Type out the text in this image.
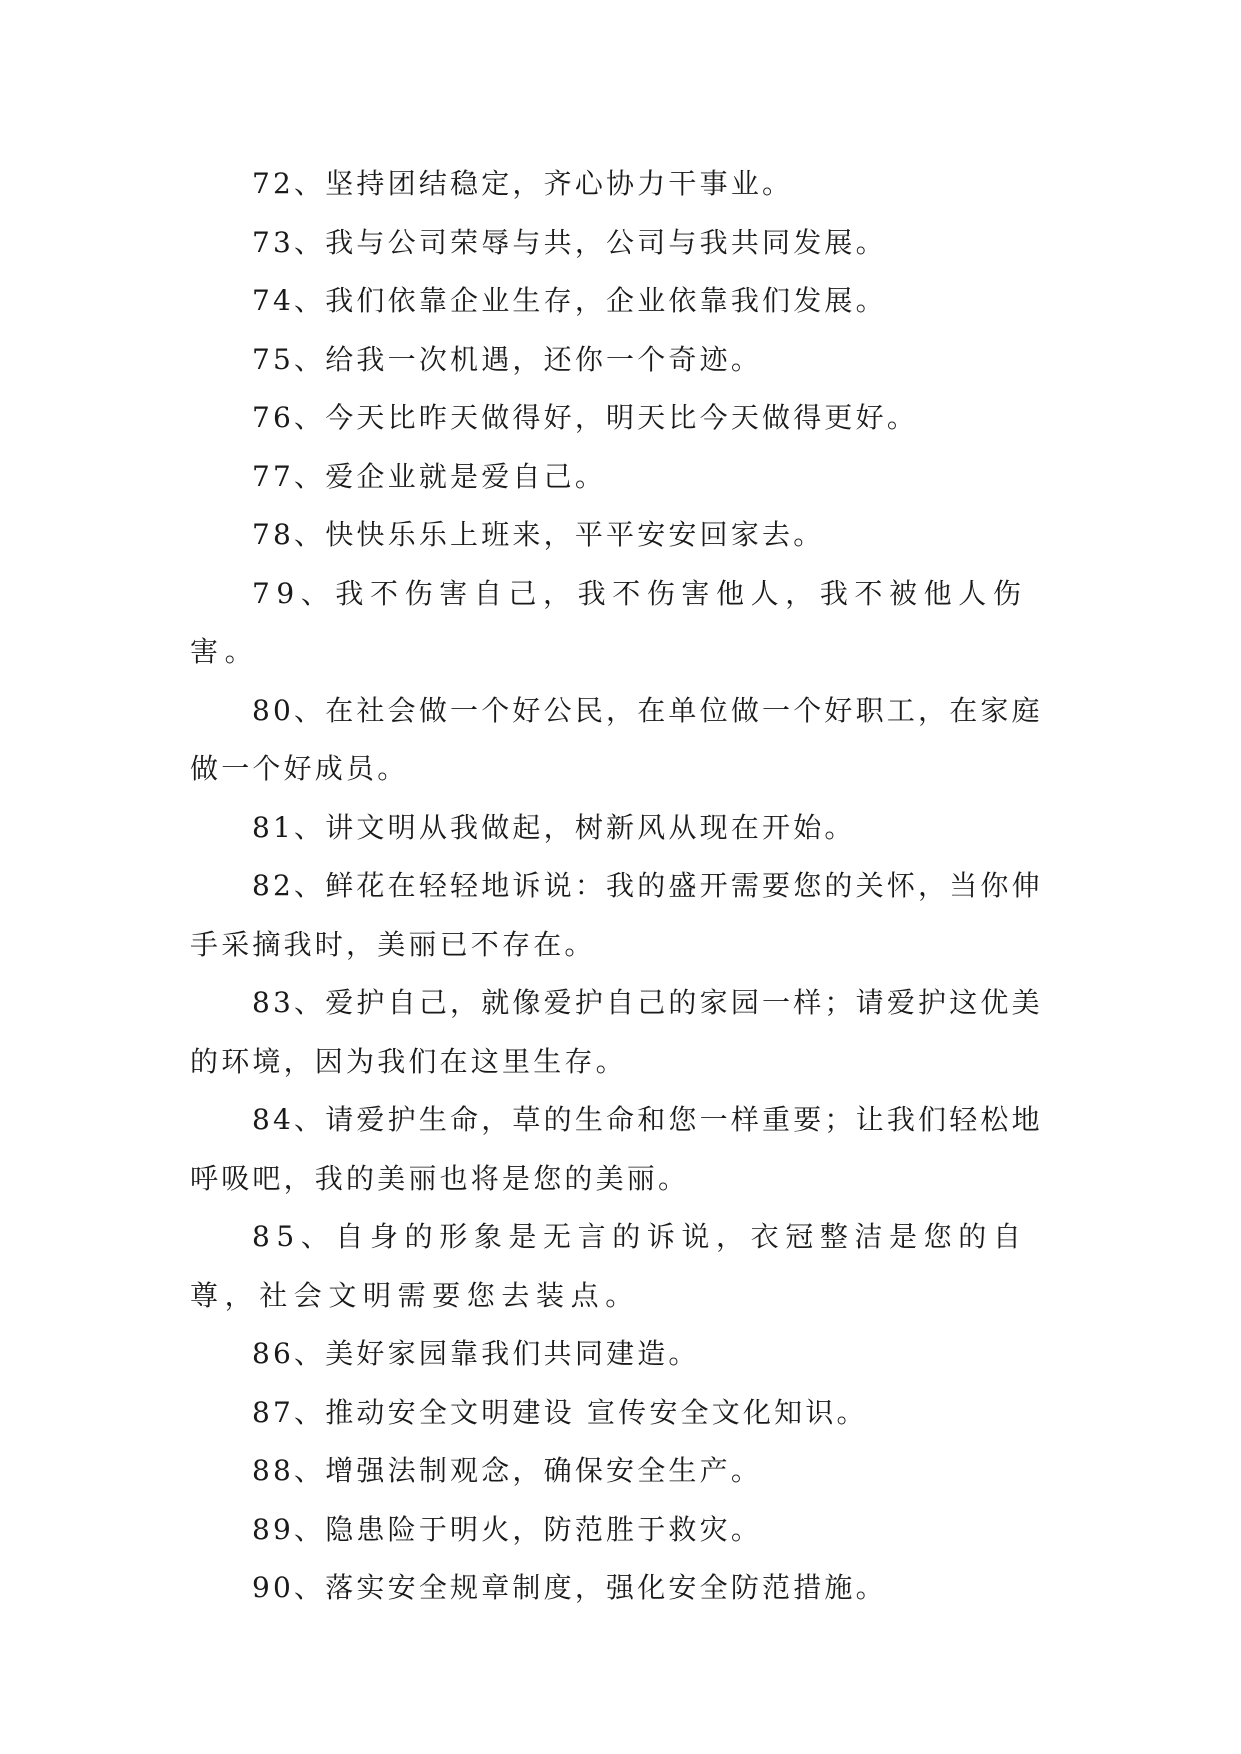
72、坚持团结稳定，齐心协力干事业。

73、我与公司荣辱与共，公司与我共同发展。

74、我们依靠企业生存，企业依靠我们发展。

75、给我一次机遇，还你一个奇迹。

76、今天比昨天做得好，明天比今天做得更好。

77、爱企业就是爱自己。

78、快快乐乐上班来，平平安安回家去。

79、我不伤害自己，我不伤害他人，我不被他人伤害。

80、在社会做一个好公民，在单位做一个好职工，在家庭做一个好成员。

81、讲文明从我做起，树新风从现在开始。

82、鲜花在轻轻地诉说：我的盛开需要您的关怀，当你伸手采摘我时，美丽已不存在。

83、爱护自己，就像爱护自己的家园一样；请爱护这优美的环境，因为我们在这里生存。

84、请爱护生命，草的生命和您一样重要；让我们轻松地呼吸吧，我的美丽也将是您的美丽。

85、自身的形象是无言的诉说，衣冠整洁是您的自尊，社会文明需要您去装点。

86、美好家园靠我们共同建造。

87、推动安全文明建设 宣传安全文化知识。

88、增强法制观念，确保安全生产。

89、隐患险于明火，防范胜于救灾。

90、落实安全规章制度，强化安全防范措施。
